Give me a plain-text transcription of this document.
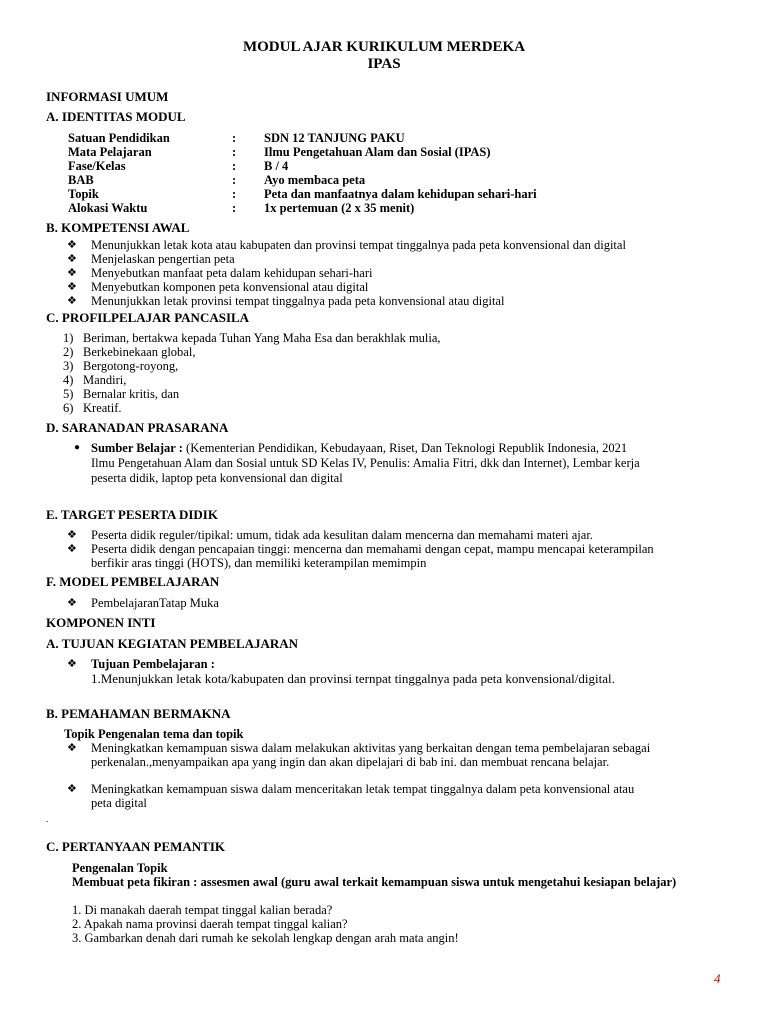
MODUL AJAR KURIKULUM MERDEKA
IPAS
INFORMASI UMUM
A. IDENTITAS MODUL
Satuan Pendidikan	: SDN 12 TANJUNG PAKU
Mata Pelajaran	: Ilmu Pengetahuan Alam dan Sosial (IPAS)
Fase/Kelas	: B / 4
BAB	: Ayo membaca peta
Topik	: Peta dan manfaatnya dalam kehidupan sehari-hari
Alokasi Waktu	: 1x pertemuan (2 x 35 menit)
B. KOMPETENSI AWAL
❖ Menunjukkan letak kota atau kabupaten dan provinsi tempat tinggalnya pada peta konvensional dan digital
❖ Menjelaskan pengertian peta
❖ Menyebutkan manfaat peta dalam kehidupan sehari-hari
❖ Menyebutkan komponen peta konvensional atau digital
❖ Menunjukkan letak provinsi tempat tinggalnya pada peta konvensional atau digital
C. PROFILPELAJAR PANCASILA
1) Beriman, bertakwa kepada Tuhan Yang Maha Esa dan berakhlak mulia,
2) Berkebinekaan global,
3) Bergotong-royong,
4) Mandiri,
5) Bernalar kritis, dan
6) Kreatif.
D. SARANADAN PRASARANA
● Sumber Belajar : (Kementerian Pendidikan, Kebudayaan, Riset, Dan Teknologi Republik Indonesia, 2021
Ilmu Pengetahuan Alam dan Sosial untuk SD Kelas IV, Penulis: Amalia Fitri, dkk dan Internet), Lembar kerja
peserta didik, laptop peta konvensional dan digital
E. TARGET PESERTA DIDIK
❖ Peserta didik reguler/tipikal: umum, tidak ada kesulitan dalam mencerna dan memahami materi ajar.
❖ Peserta didik dengan pencapaian tinggi: mencerna dan memahami dengan cepat, mampu mencapai keterampilan
berfikir aras tinggi (HOTS), dan memiliki keterampilan memimpin
F. MODEL PEMBELAJARAN
❖ PembelajaranTatap Muka
KOMPONEN INTI
A. TUJUAN KEGIATAN PEMBELAJARAN
❖ Tujuan Pembelajaran :
1.Menunjukkan letak kota/kabupaten dan provinsi ternpat tinggalnya pada peta konvensional/digital.
B. PEMAHAMAN BERMAKNA
Topik Pengenalan tema dan topik
❖ Meningkatkan kemampuan siswa dalam melakukan aktivitas yang berkaitan dengan tema pembelajaran sebagai
perkenalan.,menyampaikan apa yang ingin dan akan dipelajari di bab ini. dan membuat rencana belajar.
❖ Meningkatkan kemampuan siswa dalam menceritakan letak tempat tinggalnya dalam peta konvensional atau
peta digital
.
C. PERTANYAAN PEMANTIK
Pengenalan Topik
Membuat peta fikiran : assesmen awal (guru awal terkait kemampuan siswa untuk mengetahui kesiapan belajar)
1. Di manakah daerah tempat tinggal kalian berada?
2. Apakah nama provinsi daerah tempat tinggal kalian?
3. Gambarkan denah dari rumah ke sekolah lengkap dengan arah mata angin!
4
